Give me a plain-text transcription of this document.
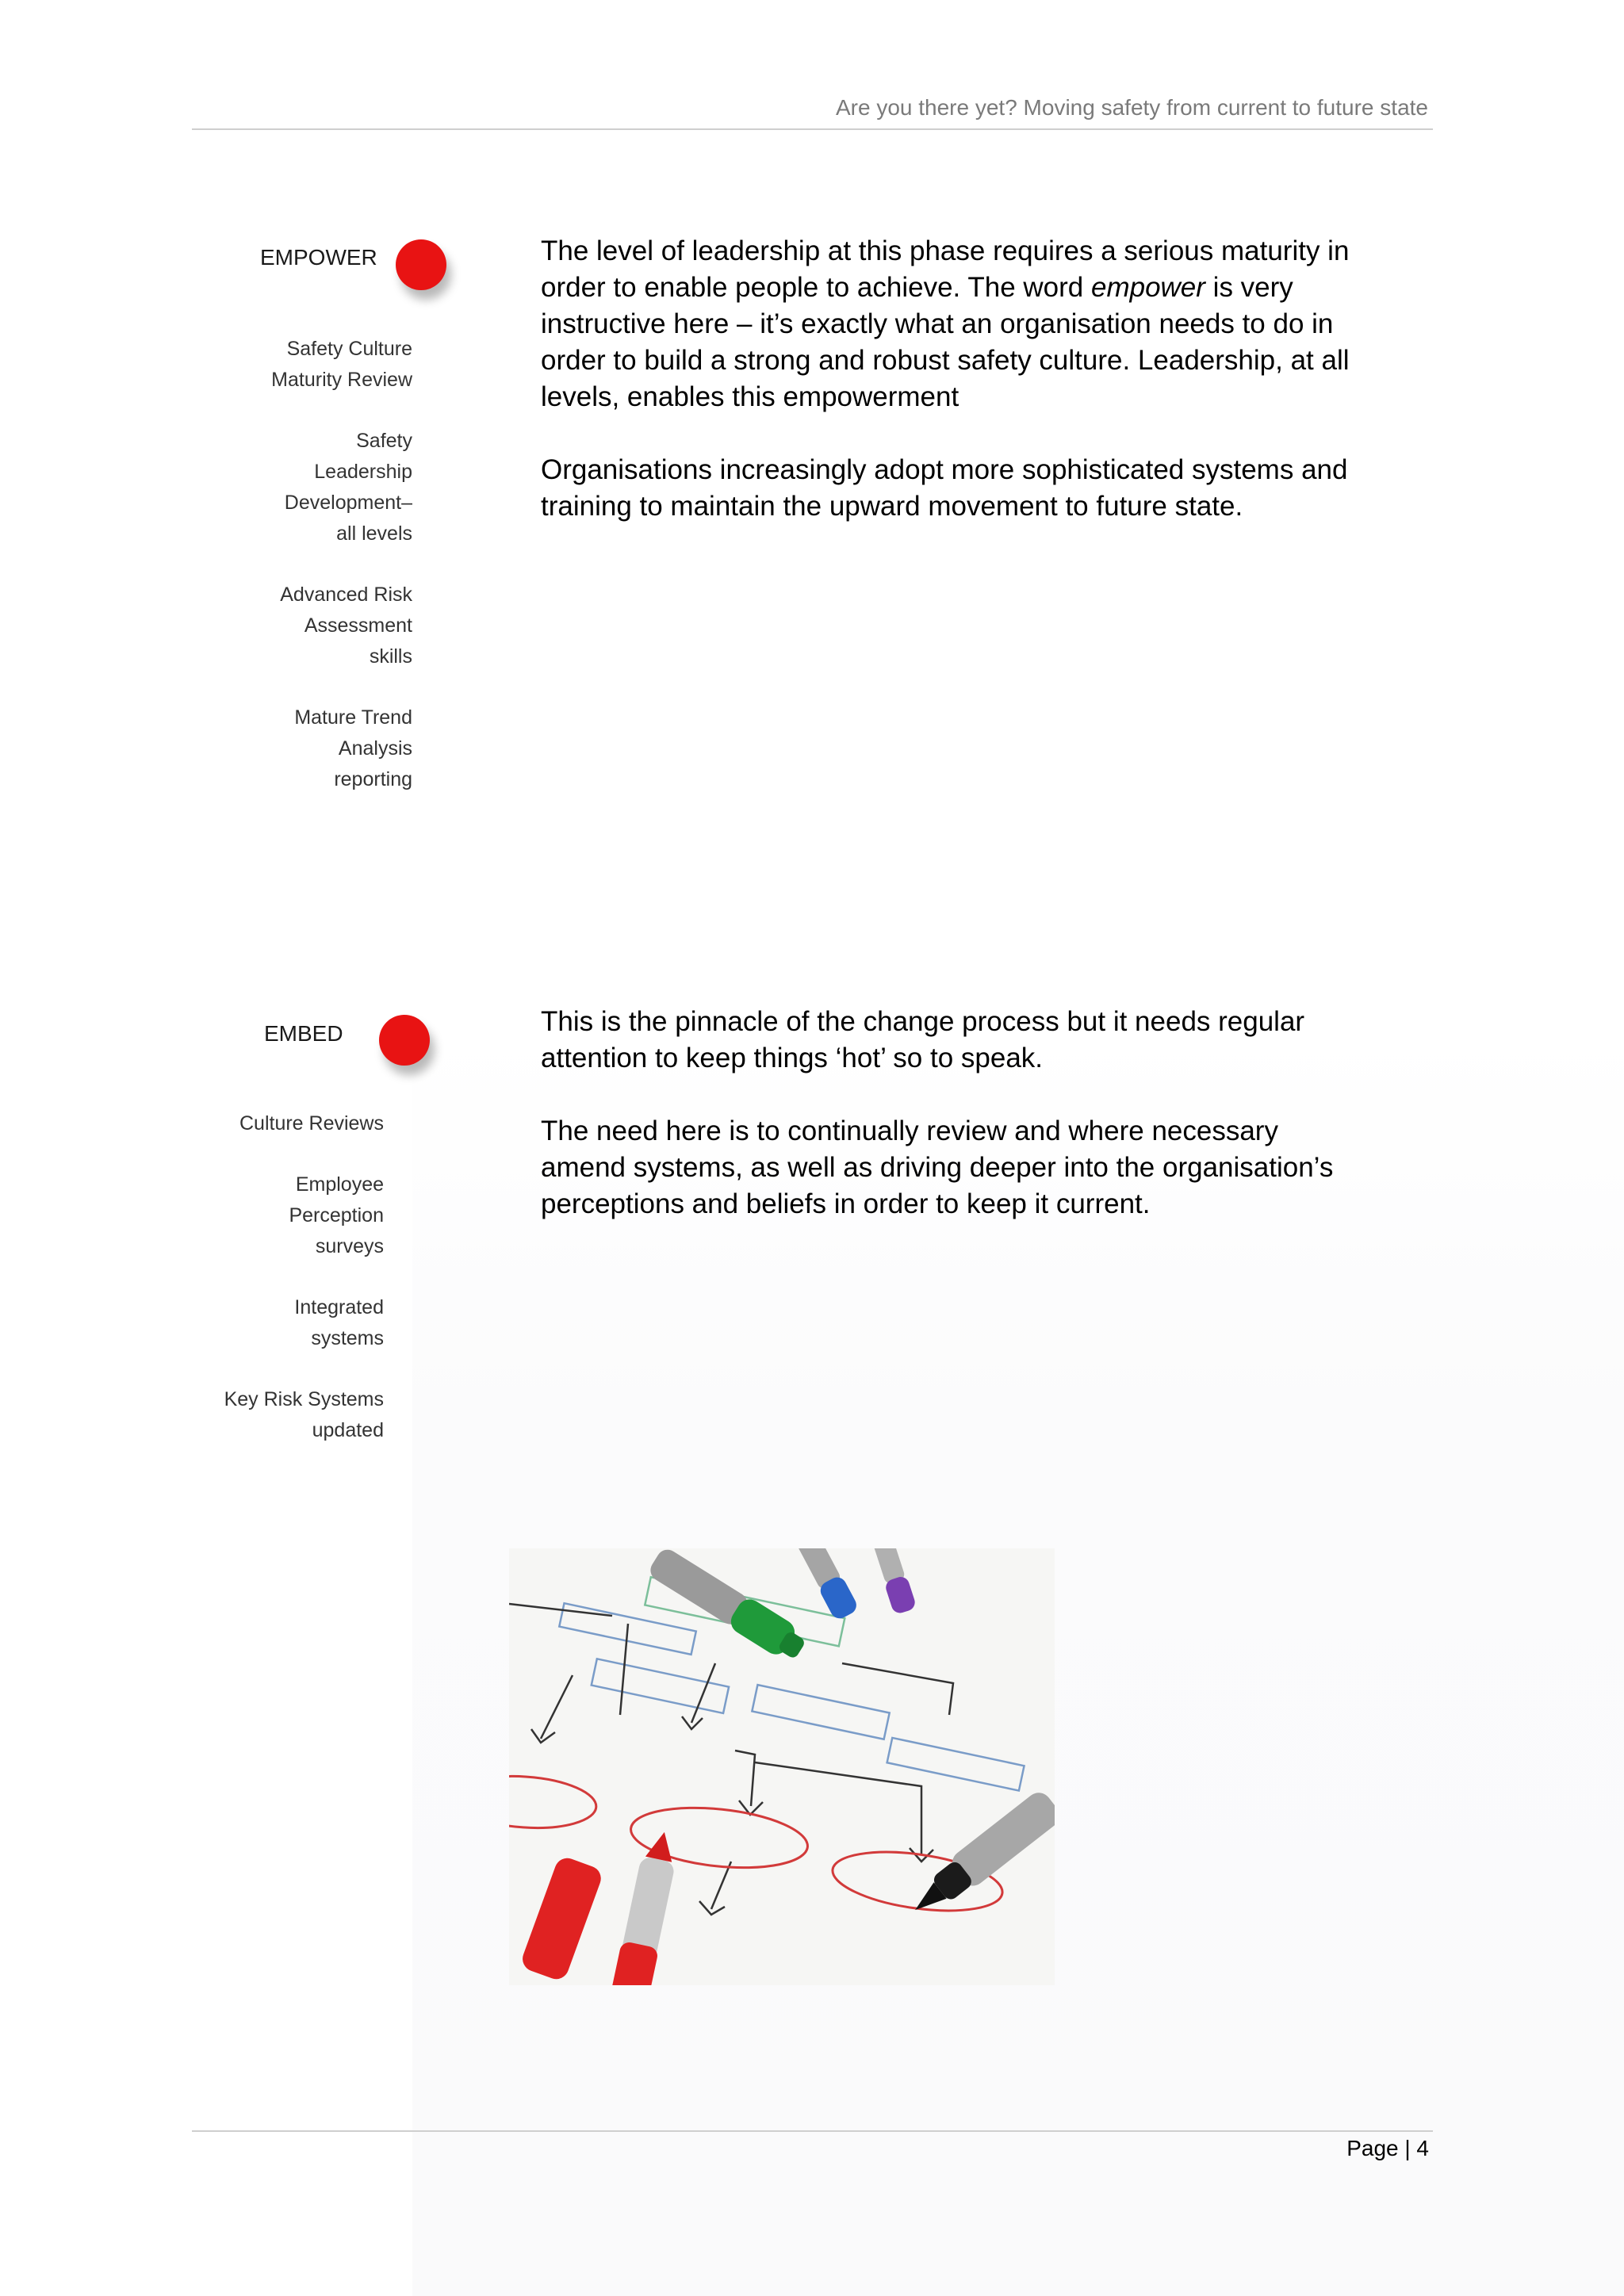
Are you there yet? Moving safety from current to future state
EMPOWER
Safety Culture
Maturity Review
Safety
Leadership
Development–
all levels
Advanced Risk
Assessment
skills
Mature Trend
Analysis
reporting

The level of leadership at this phase requires a serious maturity in order to enable people to achieve. The word empower is very instructive here – it’s exactly what an organisation needs to do in order to build a strong and robust safety culture. Leadership, at all levels, enables this empowerment

Organisations increasingly adopt more sophisticated systems and training to maintain the upward movement to future state.

EMBED
Culture Reviews
Employee
Perception
surveys
Integrated
systems
Key Risk Systems
updated

This is the pinnacle of the change process but it needs regular attention to keep things ‘hot’ so to speak.

The need here is to continually review and where necessary amend systems, as well as driving deeper into the organisation’s perceptions and beliefs in order to keep it current.

Page | 4
